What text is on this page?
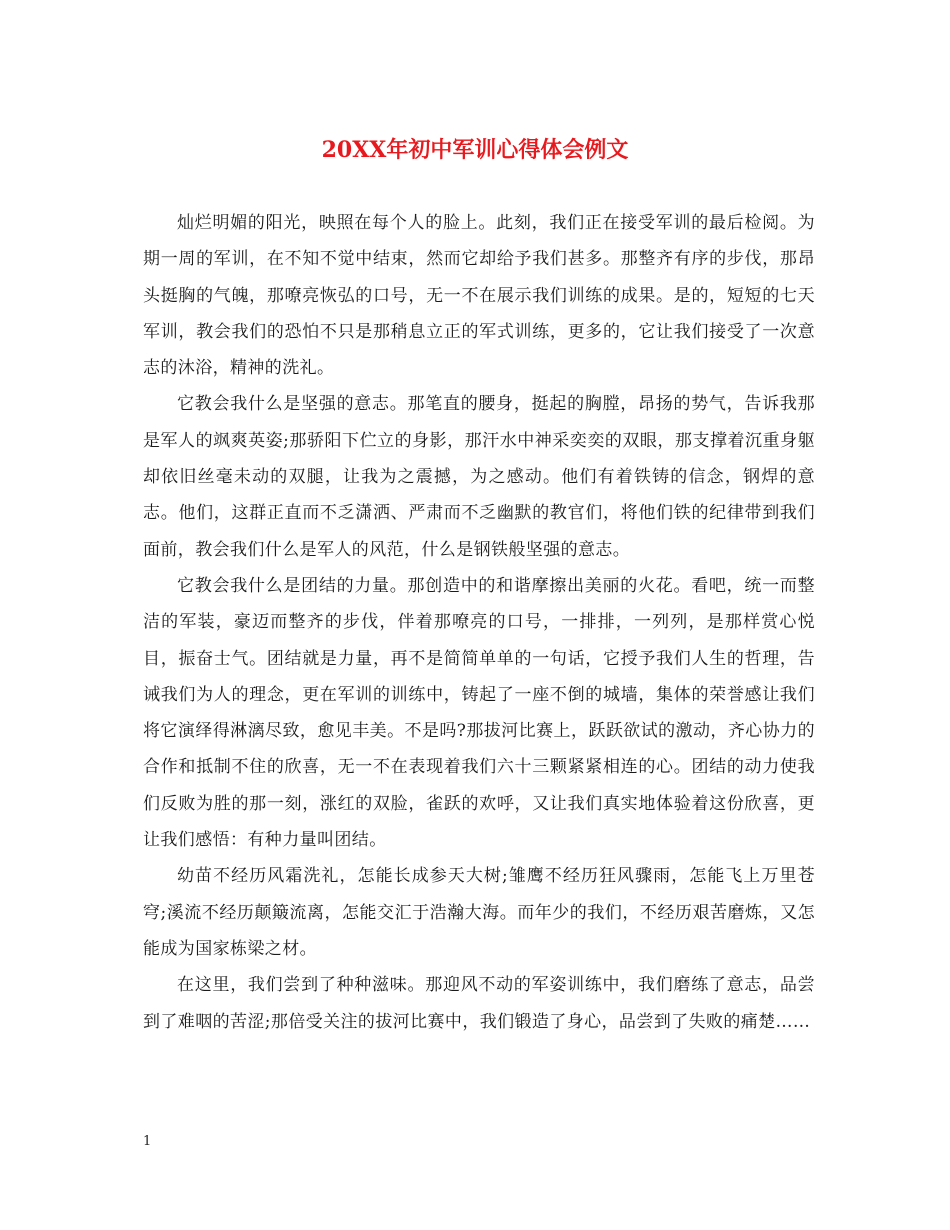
20XX年初中军训心得体会例文

灿烂明媚的阳光，映照在每个人的脸上。此刻，我们正在接受军训的最后检阅。为期一周的军训，在不知不觉中结束，然而它却给予我们甚多。那整齐有序的步伐，那昂头挺胸的气魄，那嘹亮恢弘的口号，无一不在展示我们训练的成果。是的，短短的七天军训，教会我们的恐怕不只是那稍息立正的军式训练，更多的，它让我们接受了一次意志的沐浴，精神的洗礼。

它教会我什么是坚强的意志。那笔直的腰身，挺起的胸膛，昂扬的势气，告诉我那是军人的飒爽英姿;那骄阳下伫立的身影，那汗水中神采奕奕的双眼，那支撑着沉重身躯却依旧丝毫未动的双腿，让我为之震撼，为之感动。他们有着铁铸的信念，钢焊的意志。他们，这群正直而不乏潇洒、严肃而不乏幽默的教官们，将他们铁的纪律带到我们面前，教会我们什么是军人的风范，什么是钢铁般坚强的意志。

它教会我什么是团结的力量。那创造中的和谐摩擦出美丽的火花。看吧，统一而整洁的军装，豪迈而整齐的步伐，伴着那嘹亮的口号，一排排，一列列，是那样赏心悦目，振奋士气。团结就是力量，再不是简简单单的一句话，它授予我们人生的哲理，告诫我们为人的理念，更在军训的训练中，铸起了一座不倒的城墙，集体的荣誉感让我们将它演绎得淋漓尽致，愈见丰美。不是吗?那拔河比赛上，跃跃欲试的激动，齐心协力的合作和抵制不住的欣喜，无一不在表现着我们六十三颗紧紧相连的心。团结的动力使我们反败为胜的那一刻，涨红的双脸，雀跃的欢呼，又让我们真实地体验着这份欣喜，更让我们感悟：有种力量叫团结。

幼苗不经历风霜洗礼，怎能长成参天大树;雏鹰不经历狂风骤雨，怎能飞上万里苍穹;溪流不经历颠簸流离，怎能交汇于浩瀚大海。而年少的我们，不经历艰苦磨炼，又怎能成为国家栋梁之材。

在这里，我们尝到了种种滋味。那迎风不动的军姿训练中，我们磨练了意志，品尝到了难咽的苦涩;那倍受关注的拔河比赛中，我们锻造了身心，品尝到了失败的痛楚……

1
